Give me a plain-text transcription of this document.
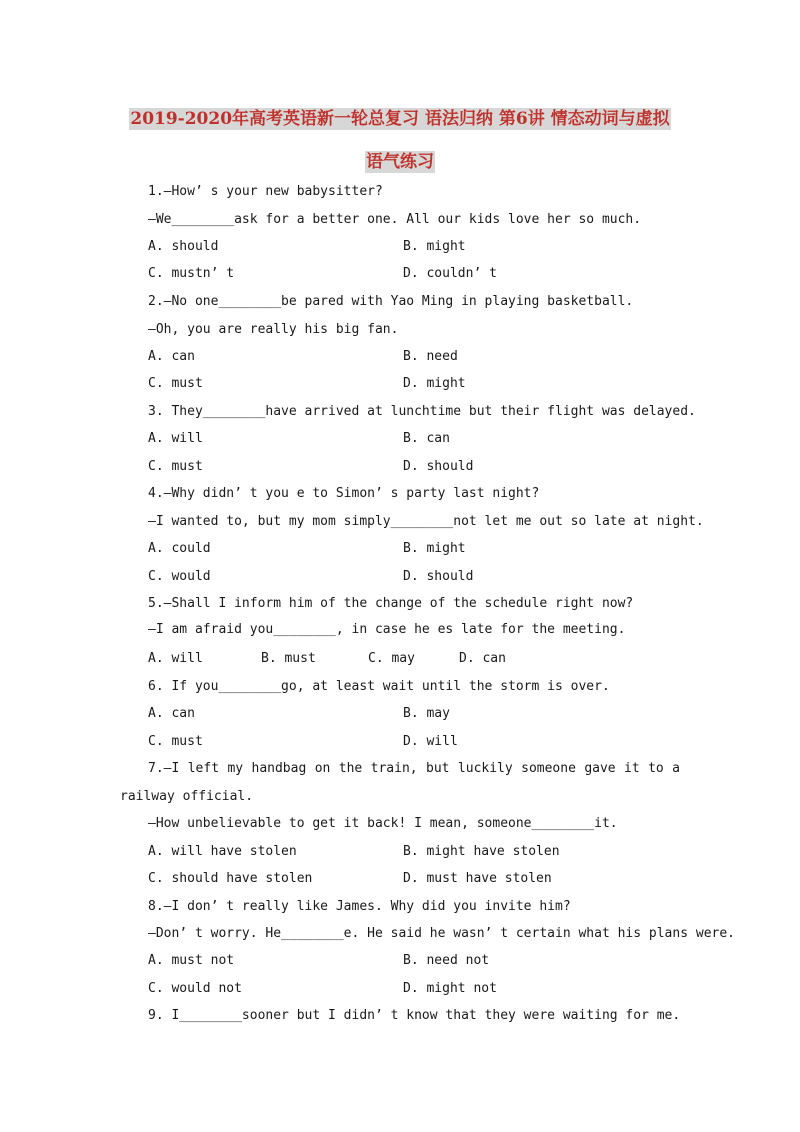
2019-2020年高考英语新一轮总复习 语法归纳 第6讲 情态动词与虚拟
语气练习
1.—How’ s your new babysitter?
—We________ask for a better one. All our kids love her so much.
A. should	B. might
C. mustn’ t	D. couldn’ t
2.—No one________be pared with Yao Ming in playing basketball.
—Oh, you are really his big fan.
A. can	B. need
C. must	D. might
3. They________have arrived at lunchtime but their flight was delayed.
A. will	B. can
C. must	D. should
4.—Why didn’ t you e to Simon’ s party last night?
—I wanted to, but my mom simply________not let me out so late at night.
A. could	B. might
C. would	D. should
5.—Shall I inform him of the change of the schedule right now?
—I am afraid you________, in case he es late for the meeting.
A. will	B. must	C. may	D. can
6. If you________go, at least wait until the storm is over.
A. can	B. may
C. must	D. will
7.—I left my handbag on the train, but luckily someone gave it to a
railway official.
—How unbelievable to get it back! I mean, someone________it.
A. will have stolen	B. might have stolen
C. should have stolen	D. must have stolen
8.—I don’ t really like James. Why did you invite him?
—Don’ t worry. He________e. He said he wasn’ t certain what his plans were.
A. must not	B. need not
C. would not	D. might not
9. I________sooner but I didn’ t know that they were waiting for me.
